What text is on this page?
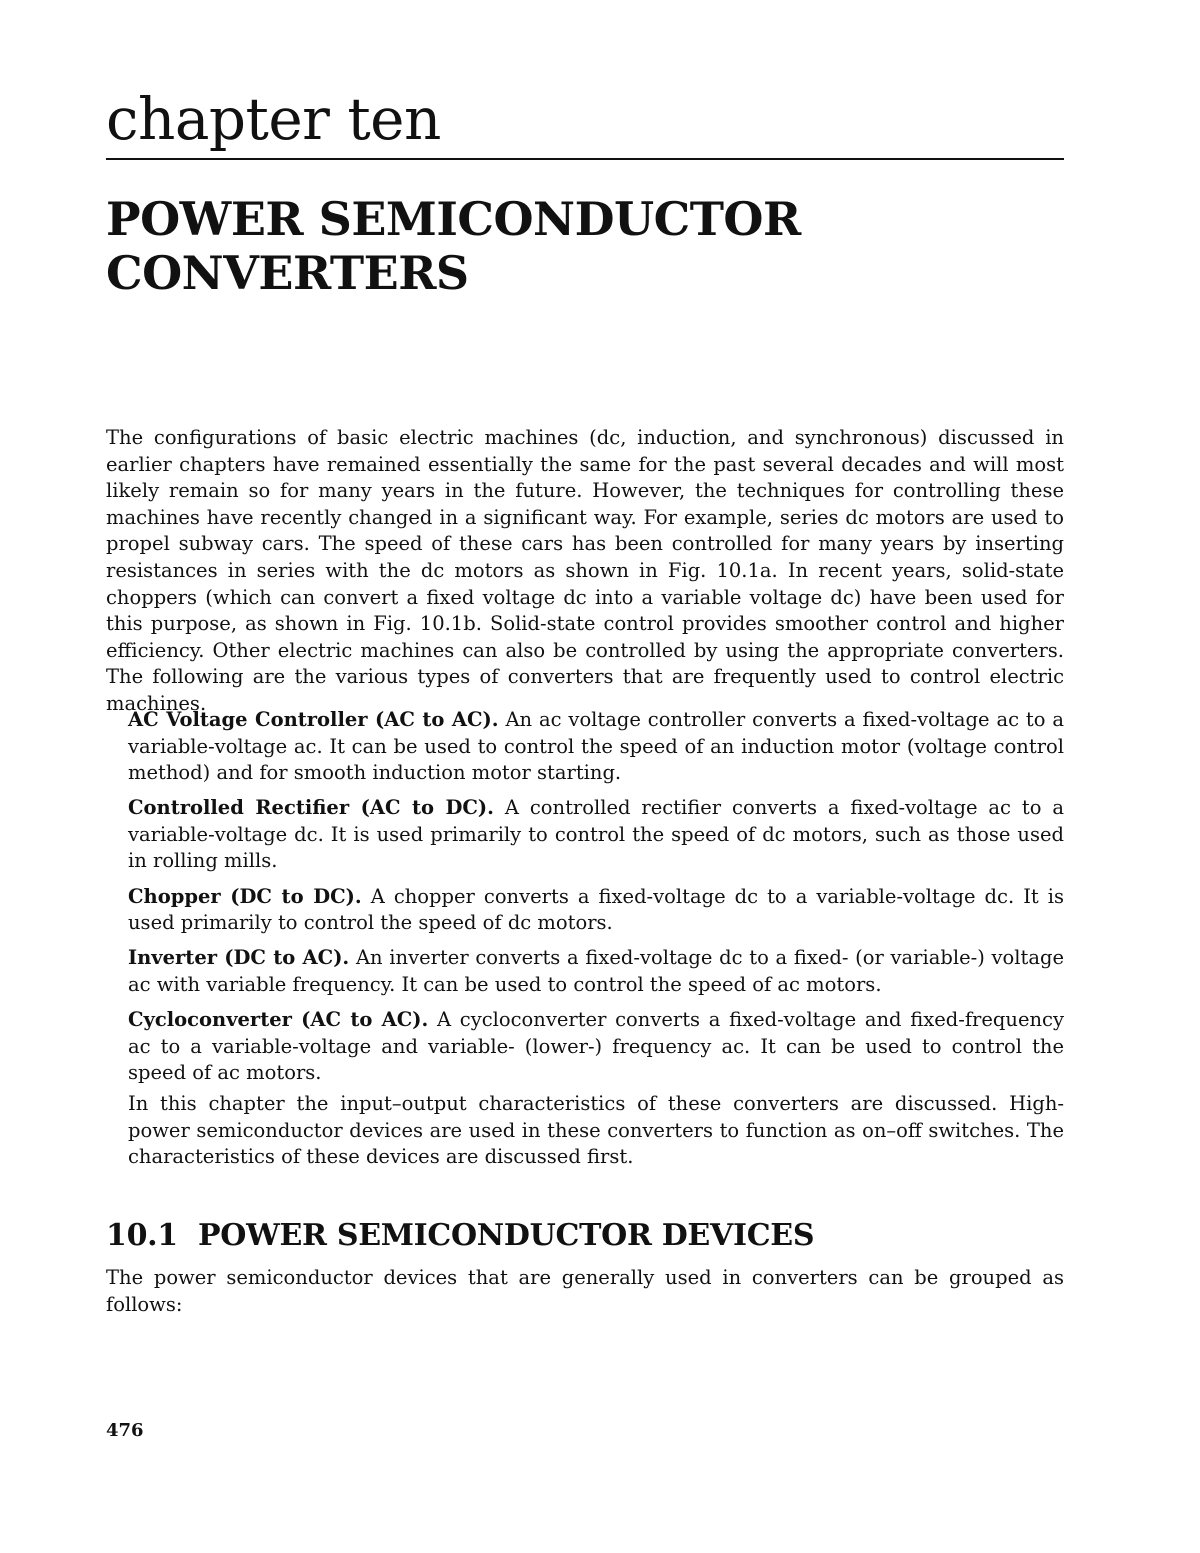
chapter ten
POWER SEMICONDUCTOR
CONVERTERS

The configurations of basic electric machines (dc, induction, and synchronous) discussed in earlier chapters have remained essentially the same for the past several decades and will most likely remain so for many years in the future. However, the techniques for controlling these machines have recently changed in a significant way. For example, series dc motors are used to propel subway cars. The speed of these cars has been controlled for many years by inserting resistances in series with the dc motors as shown in Fig. 10.1a. In recent years, solid-state choppers (which can convert a fixed voltage dc into a variable voltage dc) have been used for this purpose, as shown in Fig. 10.1b. Solid-state control provides smoother control and higher efficiency. Other electric machines can also be controlled by using the appropriate converters. The following are the various types of converters that are frequently used to control electric machines.

AC Voltage Controller (AC to AC). An ac voltage controller converts a fixed-voltage ac to a variable-voltage ac. It can be used to control the speed of an induction motor (voltage control method) and for smooth induction motor starting.
Controlled Rectifier (AC to DC). A controlled rectifier converts a fixed-voltage ac to a variable-voltage dc. It is used primarily to control the speed of dc motors, such as those used in rolling mills.
Chopper (DC to DC). A chopper converts a fixed-voltage dc to a variable-voltage dc. It is used primarily to control the speed of dc motors.
Inverter (DC to AC). An inverter converts a fixed-voltage dc to a fixed- (or variable-) voltage ac with variable frequency. It can be used to control the speed of ac motors.
Cycloconverter (AC to AC). A cycloconverter converts a fixed-voltage and fixed-frequency ac to a variable-voltage and variable- (lower-) frequency ac. It can be used to control the speed of ac motors.

In this chapter the input–output characteristics of these converters are discussed. High-power semiconductor devices are used in these converters to function as on–off switches. The characteristics of these devices are discussed first.

10.1 POWER SEMICONDUCTOR DEVICES

The power semiconductor devices that are generally used in converters can be grouped as follows:

476
